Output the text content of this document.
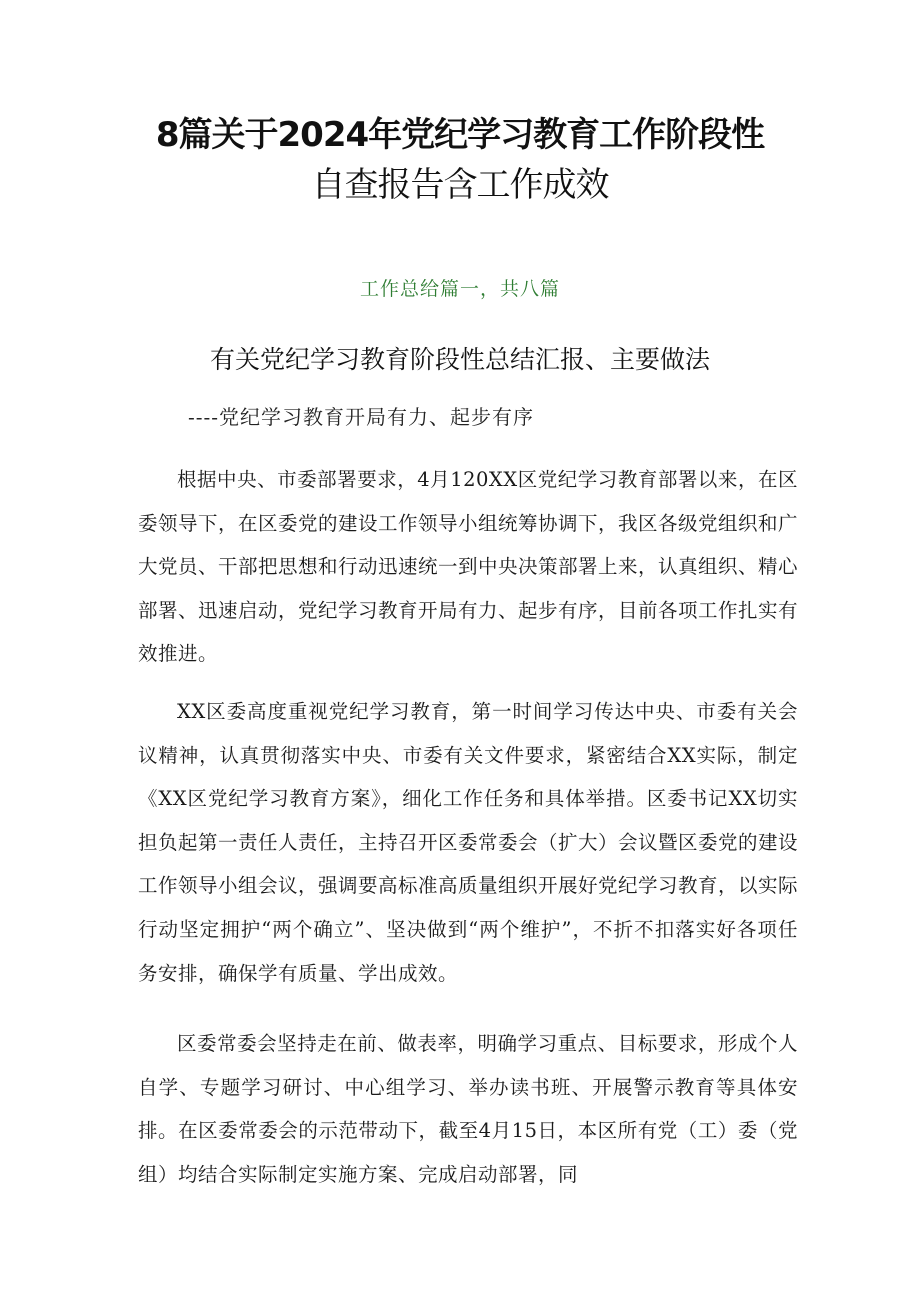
8篇关于2024年党纪学习教育工作阶段性
自查报告含工作成效
工作总给篇一，共八篇
有关党纪学习教育阶段性总结汇报、主要做法
----党纪学习教育开局有力、起步有序

根据中央、市委部署要求，4月120XX区党纪学习教育部署以来，在区委领导下，在区委党的建设工作领导小组统筹协调下，我区各级党组织和广大党员、干部把思想和行动迅速统一到中央决策部署上来，认真组织、精心部署、迅速启动，党纪学习教育开局有力、起步有序，目前各项工作扎实有效推进。

XX区委高度重视党纪学习教育，第一时间学习传达中央、市委有关会议精神，认真贯彻落实中央、市委有关文件要求，紧密结合XX实际，制定《XX区党纪学习教育方案》，细化工作任务和具体举措。区委书记XX切实担负起第一责任人责任，主持召开区委常委会（扩大）会议暨区委党的建设工作领导小组会议，强调要高标准高质量组织开展好党纪学习教育，以实际行动坚定拥护“两个确立”、坚决做到“两个维护”，不折不扣落实好各项任务安排，确保学有质量、学出成效。

区委常委会坚持走在前、做表率，明确学习重点、目标要求，形成个人自学、专题学习研讨、中心组学习、举办读书班、开展警示教育等具体安排。在区委常委会的示范带动下，截至4月15日，本区所有党（工）委（党组）均结合实际制定实施方案、完成启动部署，同
